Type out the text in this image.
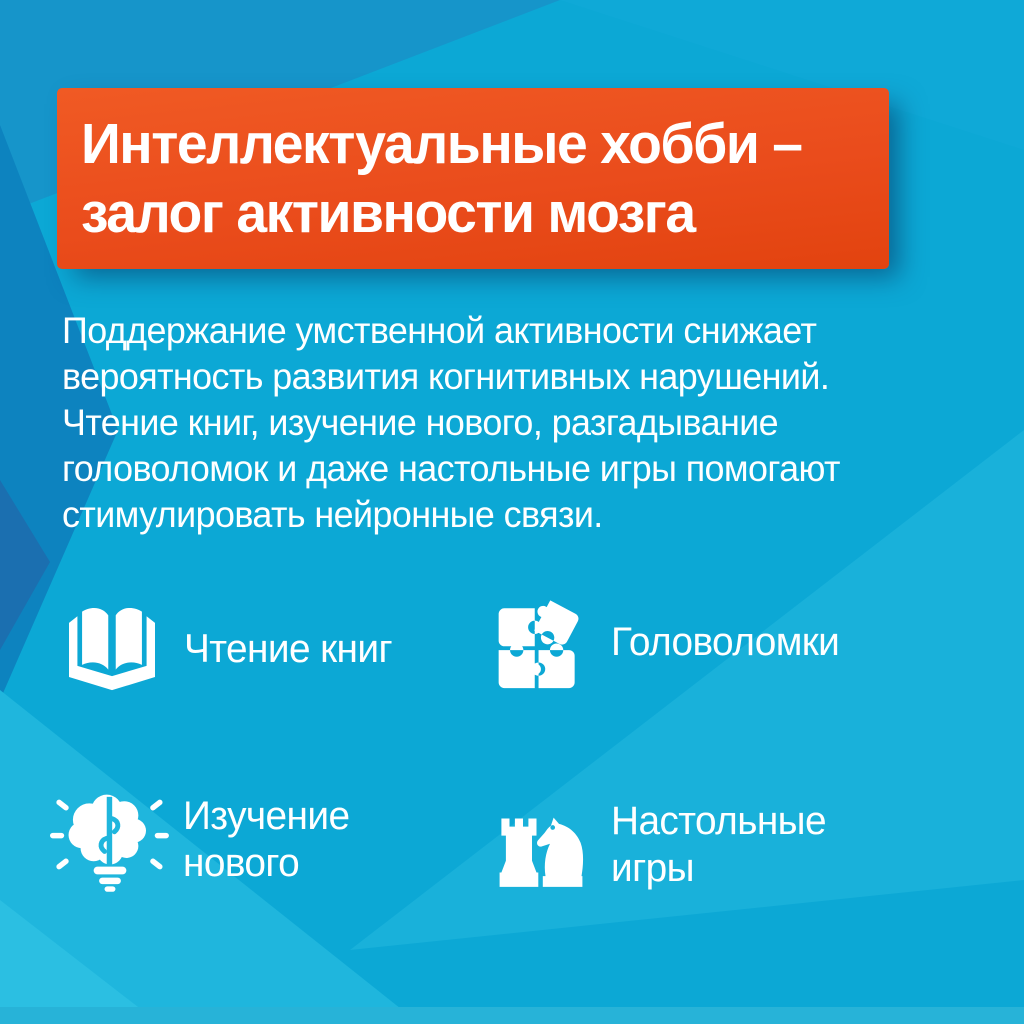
Интеллектуальные хобби –
залог активности мозга
Поддержание умственной активности снижает
вероятность развития когнитивных нарушений.
Чтение книг, изучение нового, разгадывание
головоломок и даже настольные игры помогают
стимулировать нейронные связи.
Чтение книг	Головоломки
Изучение
нового
Настольные
игры
